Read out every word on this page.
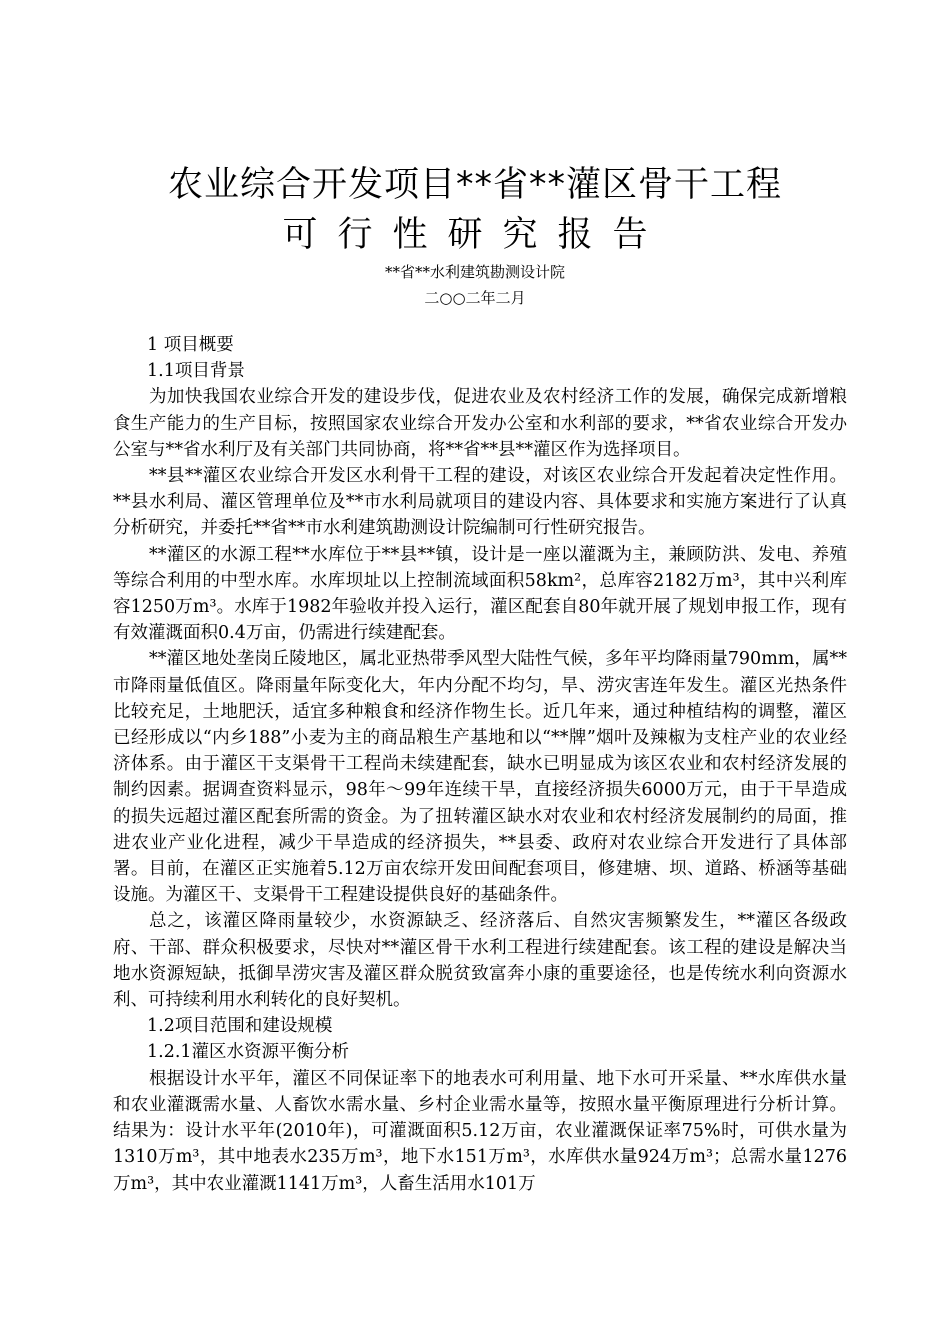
农业综合开发项目**省**灌区骨干工程
可行性研究报告
**省**水利建筑勘测设计院
二○○二年二月

1 项目概要

1.1项目背景

为加快我国农业综合开发的建设步伐，促进农业及农村经济工作的发展，确保完成新增粮食生产能力的生产目标，按照国家农业综合开发办公室和水利部的要求，**省农业综合开发办公室与**省水利厅及有关部门共同协商，将**省**县**灌区作为选择项目。

**县**灌区农业综合开发区水利骨干工程的建设，对该区农业综合开发起着决定性作用。**县水利局、灌区管理单位及**市水利局就项目的建设内容、具体要求和实施方案进行了认真分析研究，并委托**省**市水利建筑勘测设计院编制可行性研究报告。

**灌区的水源工程**水库位于**县**镇，设计是一座以灌溉为主，兼顾防洪、发电、养殖等综合利用的中型水库。水库坝址以上控制流域面积58km²，总库容2182万m³，其中兴利库容1250万m³。水库于1982年验收并投入运行，灌区配套自80年就开展了规划申报工作，现有有效灌溉面积0.4万亩，仍需进行续建配套。

**灌区地处垄岗丘陵地区，属北亚热带季风型大陆性气候，多年平均降雨量790mm，属**市降雨量低值区。降雨量年际变化大，年内分配不均匀，旱、涝灾害连年发生。灌区光热条件比较充足，土地肥沃，适宜多种粮食和经济作物生长。近几年来，通过种植结构的调整，灌区已经形成以“内乡188”小麦为主的商品粮生产基地和以“**牌”烟叶及辣椒为支柱产业的农业经济体系。由于灌区干支渠骨干工程尚未续建配套，缺水已明显成为该区农业和农村经济发展的制约因素。据调查资料显示，98年～99年连续干旱，直接经济损失6000万元，由于干旱造成的损失远超过灌区配套所需的资金。为了扭转灌区缺水对农业和农村经济发展制约的局面，推进农业产业化进程，减少干旱造成的经济损失，**县委、政府对农业综合开发进行了具体部署。目前，在灌区正实施着5.12万亩农综开发田间配套项目，修建塘、坝、道路、桥涵等基础设施。为灌区干、支渠骨干工程建设提供良好的基础条件。

总之，该灌区降雨量较少，水资源缺乏、经济落后、自然灾害频繁发生，**灌区各级政府、干部、群众积极要求，尽快对**灌区骨干水利工程进行续建配套。该工程的建设是解决当地水资源短缺，抵御旱涝灾害及灌区群众脱贫致富奔小康的重要途径，也是传统水利向资源水利、可持续利用水利转化的良好契机。

1.2项目范围和建设规模

1.2.1灌区水资源平衡分析

根据设计水平年，灌区不同保证率下的地表水可利用量、地下水可开采量、**水库供水量和农业灌溉需水量、人畜饮水需水量、乡村企业需水量等，按照水量平衡原理进行分析计算。结果为：设计水平年(2010年)，可灌溉面积5.12万亩，农业灌溉保证率75%时，可供水量为1310万m³，其中地表水235万m³，地下水151万m³，水库供水量924万m³；总需水量1276万m³，其中农业灌溉1141万m³，人畜生活用水101万
